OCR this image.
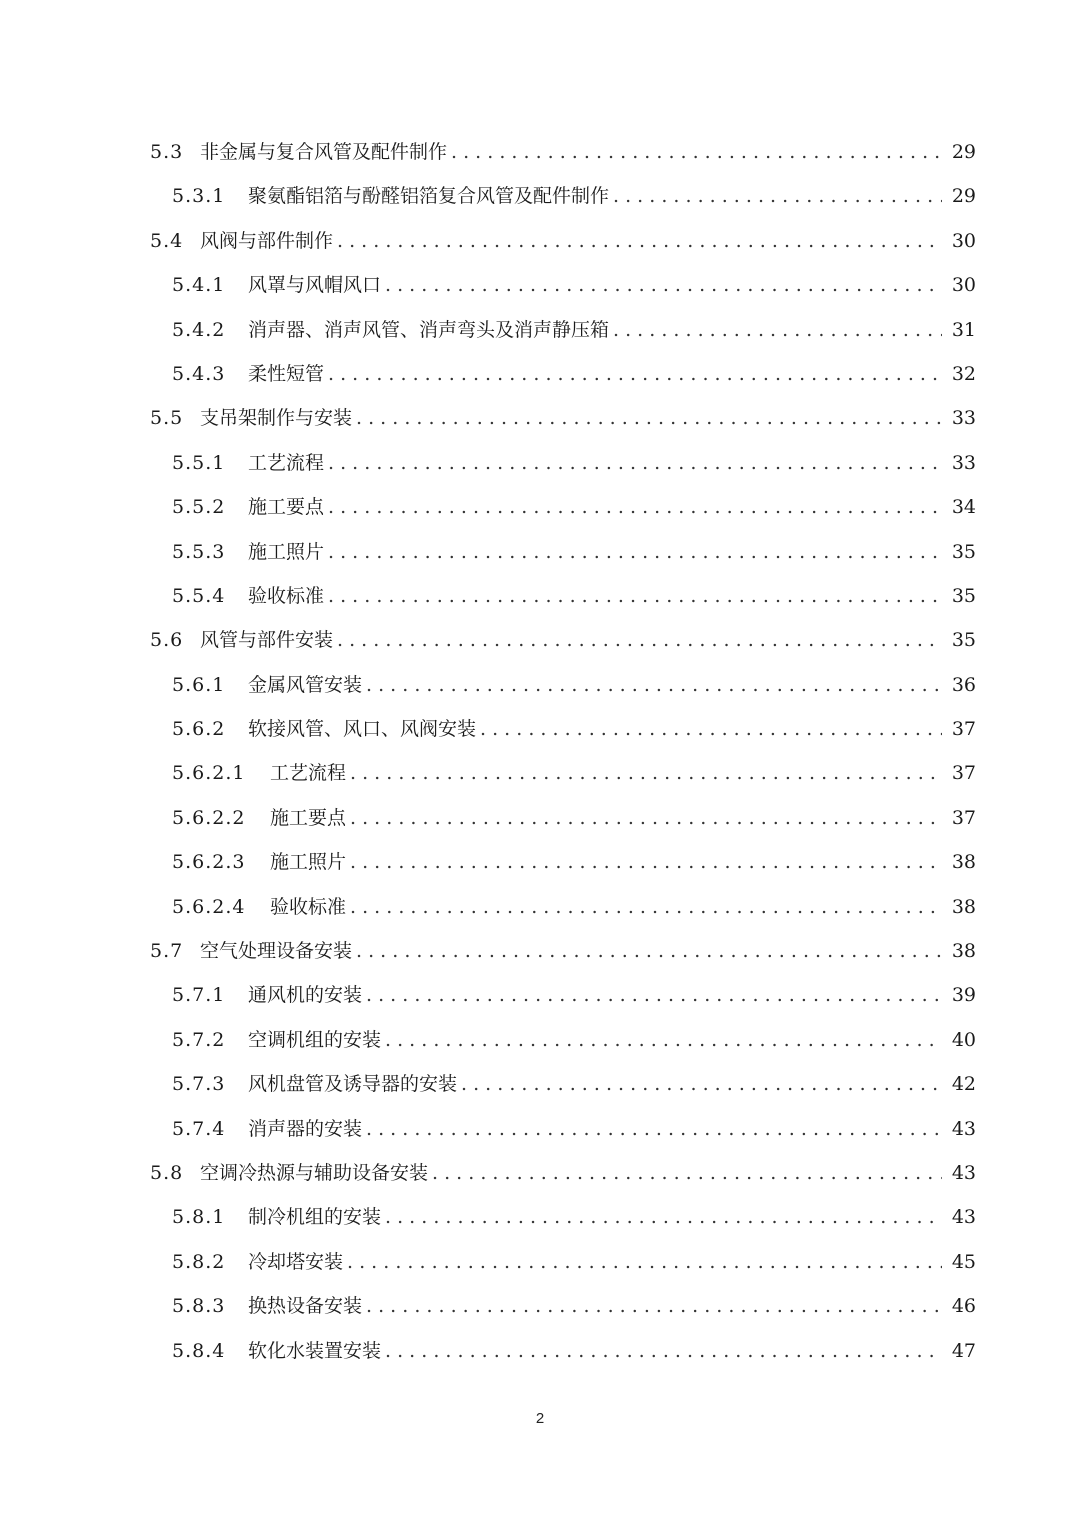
5.3 非金属与复合风管及配件制作 . . .	29
5.3.1	聚氨酯铝箔与酚醛铝箔复合风管及配件制作 . . .	29
5.4 风阀与部件制作 . . .	30
5.4.1	风罩与风帽风口 . . .	30
5.4.2	消声器、消声风管、消声弯头及消声静压箱 . . .	31
5.4.3	柔性短管 . . .	32
5.5 支吊架制作与安装 . . .	33
5.5.1	工艺流程 . . .	33
5.5.2	施工要点 . . .	34
5.5.3	施工照片 . . .	35
5.5.4	验收标准 . . .	35
5.6 风管与部件安装 . . .	35
5.6.1	金属风管安装 . . .	36
5.6.2	软接风管、风口、风阀安装 . . .	37
5.6.2.1	工艺流程 . . .	37
5.6.2.2	施工要点 . . .	37
5.6.2.3	施工照片 . . .	38
5.6.2.4	验收标准 . . .	38
5.7 空气处理设备安装 . . .	38
5.7.1	通风机的安装 . . .	39
5.7.2	空调机组的安装 . . .	40
5.7.3	风机盘管及诱导器的安装 . . .	42
5.7.4	消声器的安装 . . .	43
5.8 空调冷热源与辅助设备安装 . . .	43
5.8.1	制冷机组的安装 . . .	43
5.8.2	冷却塔安装 . . .	45
5.8.3	换热设备安装 . . .	46
5.8.4	软化水装置安装 . . .	47
2
